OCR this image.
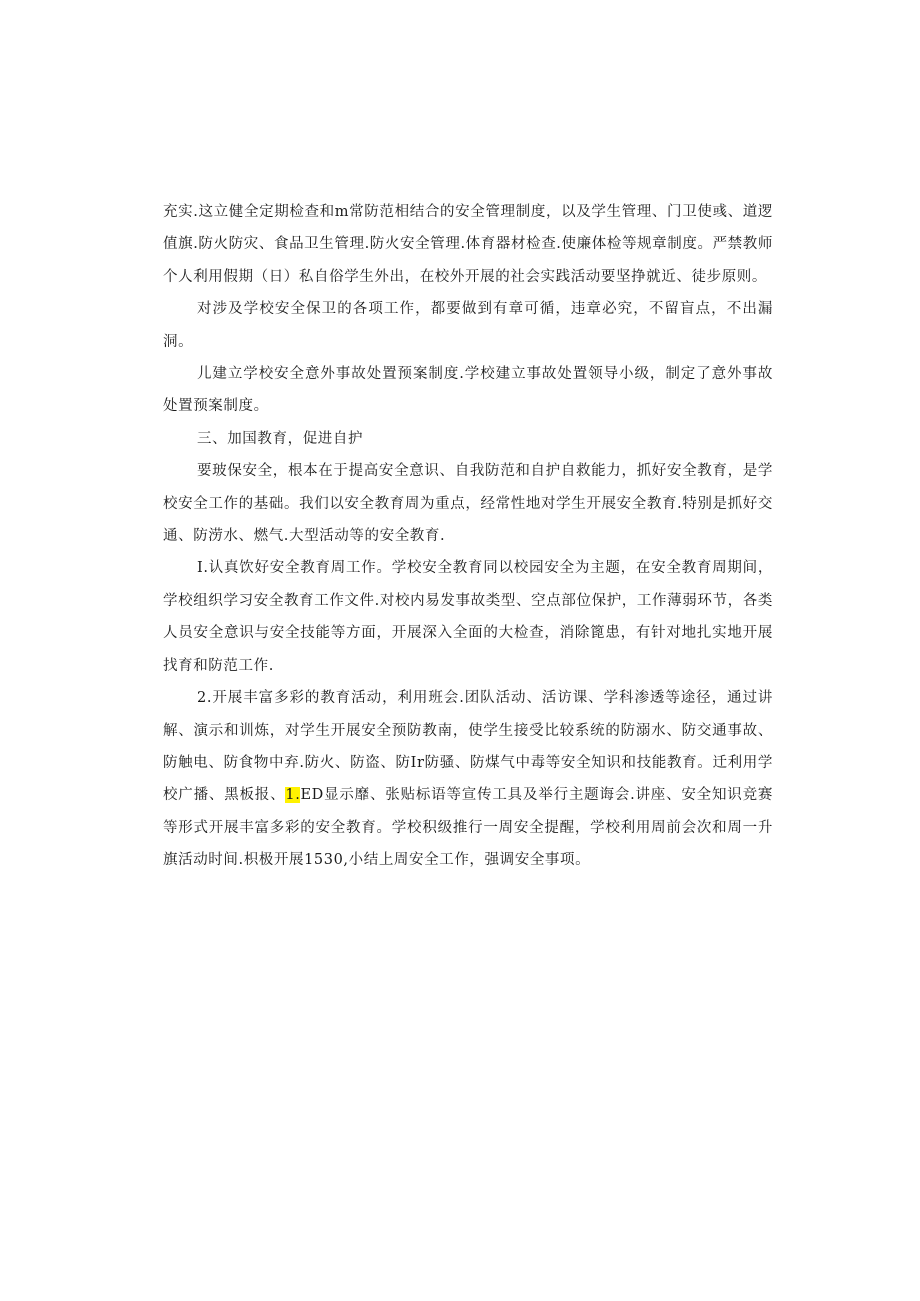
充实.这立健全定期检查和m常防范相结合的安全管理制度，以及学生管理、门卫使彧、道逻值旗.防火防灾、食品卫生管理.防火安全管理.体育器材检查.使廉体检等规章制度。严禁教师个人利用假期（日）私自俗学生外出，在校外开展的社会实践活动要坚挣就近、徒步原则。

对涉及学校安全保卫的各项工作，都要做到有章可循，违章必究，不留盲点，不出漏洞。

儿建立学校安全意外事故处置预案制度.学校建立事故处置领导小级，制定了意外事故处置预案制度。

三、加国教育，促进自护

要玻保安全，根本在于提高安全意识、自我防范和自护自救能力，抓好安全教育，是学校安全工作的基础。我们以安全教育周为重点，经常性地对学生开展安全教育.特别是抓好交通、防涝水、燃气.大型活动等的安全教育.

I.认真饮好安全教育周工作。学校安全教育同以校园安全为主题，在安全教育周期间，学校组织学习安全教育工作文件.对校内易发事故类型、空点部位保护，工作薄弱环节，各类人员安全意识与安全技能等方面，开展深入全面的大检查，消除篦患，有针对地扎实地开展找育和防范工作.

2.开展丰富多彩的教育活动，利用班会.团队活动、活访课、学科渗透等途径，通过讲解、演示和训炼，对学生开展安全预防教南，使学生接受比较系统的防溺水、防交通事故、防触电、防食物中弃.防火、防盗、防Ir防骚、防煤气中毒等安全知识和技能教育。迁利用学校广播、黑板报、1.ED显示靡、张贴标语等宣传工具及举行主题诲会.讲座、安全知识竞赛等形式开展丰富多彩的安全教育。学校积级推行一周安全提醒，学校利用周前会次和周一升旗活动时间.枳极开展1530,小结上周安全工作，强调安全事项。
